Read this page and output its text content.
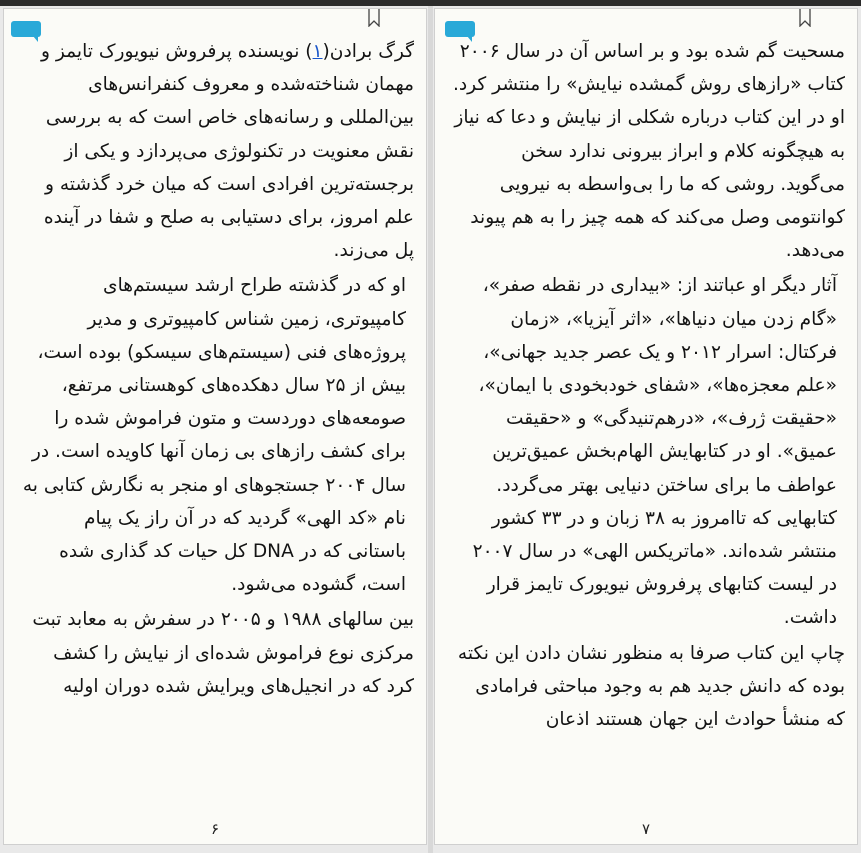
گرگ برادن(۱) نویسنده پرفروش نیویورک تایمز و مهمان شناخته‌شده و معروف کنفرانس‌های بین‌المللی و رسانه‌های خاص است که به بررسی نقش معنویت در تکنولوژی می‌پردازد و یکی از برجسته‌ترین افرادی است که میان خرد گذشته و علم امروز، برای دستیابی به صلح و شفا در آینده پل می‌زند.

او که در گذشته طراح ارشد سیستم‌های کامپیوتری، زمین شناس کامپیوتری و مدیر پروژه‌های فنی (سیستم‌های سیسکو) بوده است، بیش از ۲۵ سال دهکده‌های کوهستانی مرتفع، صومعه‌های دوردست و متون فراموش شده را برای کشف رازهای بی زمان آنها کاویده است. در سال ۲۰۰۴ جستجوهای او منجر به نگارش کتابی به نام «کد الهی» گردید که در آن راز یک پیام باستانی که در DNA کل حیات کد گذاری شده است، گشوده می‌شود.

بین سالهای ۱۹۸۸ و ۲۰۰۵ در سفرش به معابد تبت مرکزی نوع فراموش شده‌ای از نیایش را کشف کرد که در انجیل‌های ویرایش شده دوران اولیه

۶

مسحیت گم شده بود و بر اساس آن در سال ۲۰۰۶ کتاب «رازهای روش گمشده نیایش» را منتشر کرد. او در این کتاب درباره شکلی از نیایش و دعا که نیاز به هیچگونه کلام و ابراز بیرونی ندارد سخن می‌گوید. روشی که ما را بی‌واسطه به نیرویی کوانتومی وصل می‌کند که همه چیز را به هم پیوند می‌دهد.

آثار دیگر او عباتند از: «بیداری در نقطه صفر»، «گام زدن میان دنیاها»، «اثر آیزیا»، «زمان فرکتال: اسرار ۲۰۱۲ و یک عصر جدید جهانی»، «علم معجزه‌ها»، «شفای خودبخودی با ایمان»، «حقیقت ژرف»، «درهم‌تنیدگی» و «حقیقت عمیق». او در کتابهایش الهام‌بخش عمیق‌ترین عواطف ما برای ساختن دنیایی بهتر می‌گردد. کتابهایی که تاامروز به ۳۸ زبان و در ۳۳ کشور منتشر شده‌اند. «ماتریکس الهی» در سال ۲۰۰۷ در لیست کتابهای پرفروش نیویورک تایمز قرار داشت.

چاپ این کتاب صرفا به منظور نشان دادن این نکته بوده که دانش جدید هم به وجود مباحثی فرامادی که منشأ حوادث این جهان هستند اذعان

۷
